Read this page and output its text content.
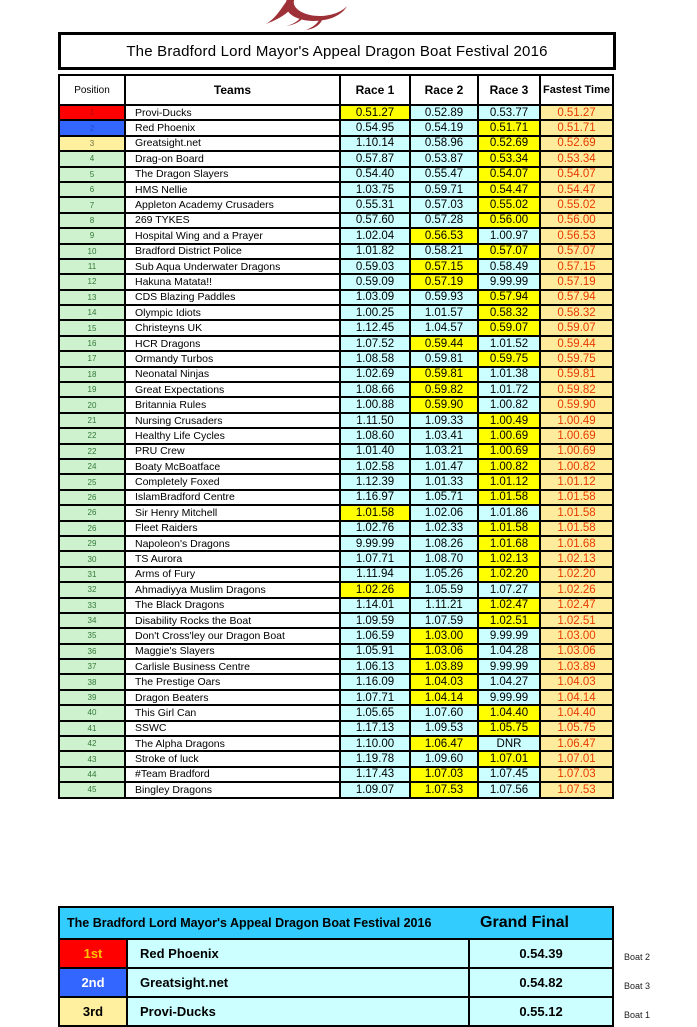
The Bradford Lord Mayor's Appeal Dragon Boat Festival 2016
Position	Teams	Race 1	Race 2	Race 3	Fastest Time
1	Provi-Ducks	0.51.27	0.52.89	0.53.77	0.51.27
2	Red Phoenix	0.54.95	0.54.19	0.51.71	0.51.71
3	Greatsight.net	1.10.14	0.58.96	0.52.69	0.52.69
4	Drag-on Board	0.57.87	0.53.87	0.53.34	0.53.34
5	The Dragon Slayers	0.54.40	0.55.47	0.54.07	0.54.07
6	HMS Nellie	1.03.75	0.59.71	0.54.47	0.54.47
7	Appleton Academy Crusaders	0.55.31	0.57.03	0.55.02	0.55.02
8	269 TYKES	0.57.60	0.57.28	0.56.00	0.56.00
9	Hospital Wing and a Prayer	1.02.04	0.56.53	1.00.97	0.56.53
10	Bradford District Police	1.01.82	0.58.21	0.57.07	0.57.07
11	Sub Aqua Underwater Dragons	0.59.03	0.57.15	0.58.49	0.57.15
12	Hakuna Matata!!	0.59.09	0.57.19	9.99.99	0.57.19
13	CDS Blazing Paddles	1.03.09	0.59.93	0.57.94	0.57.94
14	Olympic Idiots	1.00.25	1.01.57	0.58.32	0.58.32
15	Christeyns UK	1.12.45	1.04.57	0.59.07	0.59.07
16	HCR Dragons	1.07.52	0.59.44	1.01.52	0.59.44
17	Ormandy Turbos	1.08.58	0.59.81	0.59.75	0.59.75
18	Neonatal Ninjas	1.02.69	0.59.81	1.01.38	0.59.81
19	Great Expectations	1.08.66	0.59.82	1.01.72	0.59.82
20	Britannia Rules	1.00.88	0.59.90	1.00.82	0.59.90
21	Nursing Crusaders	1.11.50	1.09.33	1.00.49	1.00.49
22	Healthy Life Cycles	1.08.60	1.03.41	1.00.69	1.00.69
22	PRU Crew	1.01.40	1.03.21	1.00.69	1.00.69
24	Boaty McBoatface	1.02.58	1.01.47	1.00.82	1.00.82
25	Completely Foxed	1.12.39	1.01.33	1.01.12	1.01.12
26	IslamBradford Centre	1.16.97	1.05.71	1.01.58	1.01.58
26	Sir Henry Mitchell	1.01.58	1.02.06	1.01.86	1.01.58
26	Fleet Raiders	1.02.76	1.02.33	1.01.58	1.01.58
29	Napoleon's Dragons	9.99.99	1.08.26	1.01.68	1.01.68
30	TS Aurora	1.07.71	1.08.70	1.02.13	1.02.13
31	Arms of Fury	1.11.94	1.05.26	1.02.20	1.02.20
32	Ahmadiyya Muslim Dragons	1.02.26	1.05.59	1.07.27	1.02.26
33	The Black Dragons	1.14.01	1.11.21	1.02.47	1.02.47
34	Disability Rocks the Boat	1.09.59	1.07.59	1.02.51	1.02.51
35	Don't Cross'ley our Dragon Boat	1.06.59	1.03.00	9.99.99	1.03.00
36	Maggie's Slayers	1.05.91	1.03.06	1.04.28	1.03.06
37	Carlisle Business Centre	1.06.13	1.03.89	9.99.99	1.03.89
38	The Prestige Oars	1.16.09	1.04.03	1.04.27	1.04.03
39	Dragon Beaters	1.07.71	1.04.14	9.99.99	1.04.14
40	This Girl Can	1.05.65	1.07.60	1.04.40	1.04.40
41	SSWC	1.17.13	1.09.53	1.05.75	1.05.75
42	The Alpha Dragons	1.10.00	1.06.47	DNR	1.06.47
43	Stroke of luck	1.19.78	1.09.60	1.07.01	1.07.01
44	#Team Bradford	1.17.43	1.07.03	1.07.45	1.07.03
45	Bingley Dragons	1.09.07	1.07.53	1.07.56	1.07.53
The Bradford Lord Mayor's Appeal Dragon Boat Festival 2016 Grand Final		

1st	Red Phoenix	0.54.39
2nd	Greatsight.net	0.54.82
3rd	Provi-Ducks	0.55.12
Boat 2
Boat 3
Boat 1
